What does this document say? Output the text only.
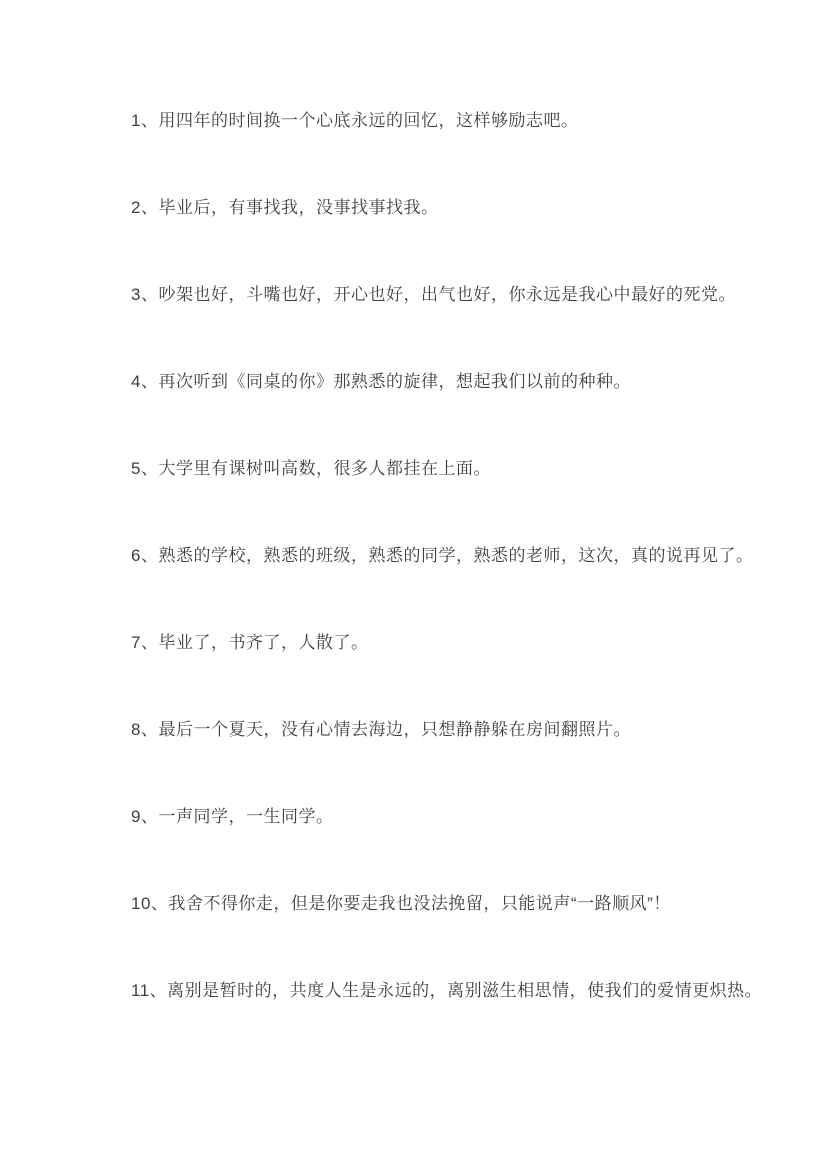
1、用四年的时间换一个心底永远的回忆，这样够励志吧。

2、毕业后，有事找我，没事找事找我。

3、吵架也好，斗嘴也好，开心也好，出气也好，你永远是我心中最好的死党。

4、再次听到《同桌的你》那熟悉的旋律，想起我们以前的种种。

5、大学里有课树叫高数，很多人都挂在上面。

6、熟悉的学校，熟悉的班级，熟悉的同学，熟悉的老师，这次，真的说再见了。

7、毕业了，书齐了，人散了。

8、最后一个夏天，没有心情去海边，只想静静躲在房间翻照片。

9、一声同学，一生同学。

10、我舍不得你走，但是你要走我也没法挽留，只能说声“一路顺风”！

11、离别是暂时的，共度人生是永远的，离别滋生相思情，使我们的爱情更炽热。
